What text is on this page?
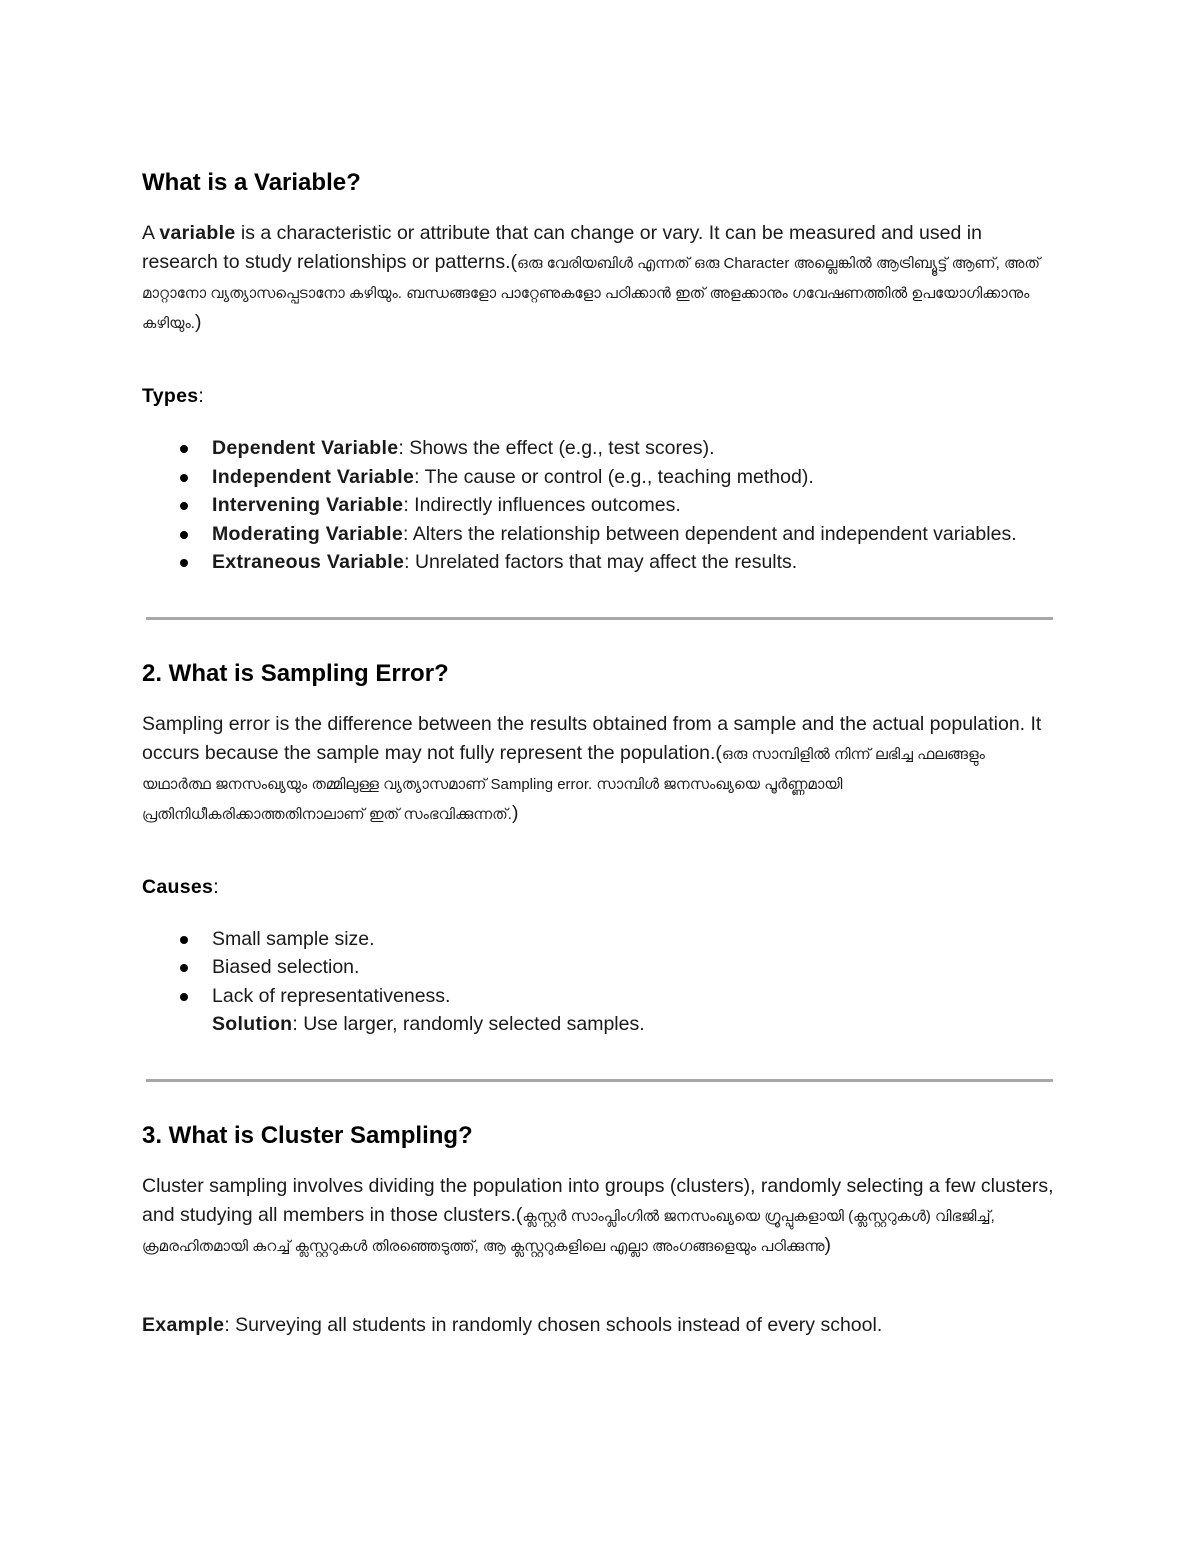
What is a Variable?

A variable is a characteristic or attribute that can change or vary. It can be measured and used in research to study relationships or patterns.(ഒരു വേരിയബിൾ എന്നത് ഒരു Character അല്ലെങ്കിൽ ആട്രിബ്യൂട്ട് ആണ്, അത് മാറ്റാനോ വ്യത്യാസപ്പെടാനോ കഴിയും. ബന്ധങ്ങളോ പാറ്റേണുകളോ പഠിക്കാൻ ഇത് അളക്കാനും ഗവേഷണത്തിൽ ഉപയോഗിക്കാനും കഴിയും.)

Types:
Dependent Variable: Shows the effect (e.g., test scores).
Independent Variable: The cause or control (e.g., teaching method).
Intervening Variable: Indirectly influences outcomes.
Moderating Variable: Alters the relationship between dependent and independent variables.
Extraneous Variable: Unrelated factors that may affect the results.
2. What is Sampling Error?

Sampling error is the difference between the results obtained from a sample and the actual population. It occurs because the sample may not fully represent the population.(ഒരു സാമ്പിളിൽ നിന്ന് ലഭിച്ച ഫലങ്ങളും യഥാർത്ഥ ജനസംഖ്യയും തമ്മിലുള്ള വ്യത്യാസമാണ് Sampling error. സാമ്പിൾ ജനസംഖ്യയെ പൂർണ്ണമായി പ്രതിനിധീകരിക്കാത്തതിനാലാണ് ഇത് സംഭവിക്കുന്നത്.)

Causes:
Small sample size.
Biased selection.
Lack of representativeness.
Solution: Use larger, randomly selected samples.
3. What is Cluster Sampling?

Cluster sampling involves dividing the population into groups (clusters), randomly selecting a few clusters, and studying all members in those clusters.(ക്ലസ്റ്റർ സാംപ്ലിംഗിൽ ജനസംഖ്യയെ ഗ്രൂപ്പുകളായി (ക്ലസ്റ്ററുകൾ) വിഭജിച്ച്, ക്രമരഹിതമായി കുറച്ച് ക്ലസ്റ്ററുകൾ തിരഞ്ഞെടുത്ത്, ആ ക്ലസ്റ്ററുകളിലെ എല്ലാ അംഗങ്ങളെയും പഠിക്കുന്നു)

Example: Surveying all students in randomly chosen schools instead of every school.
